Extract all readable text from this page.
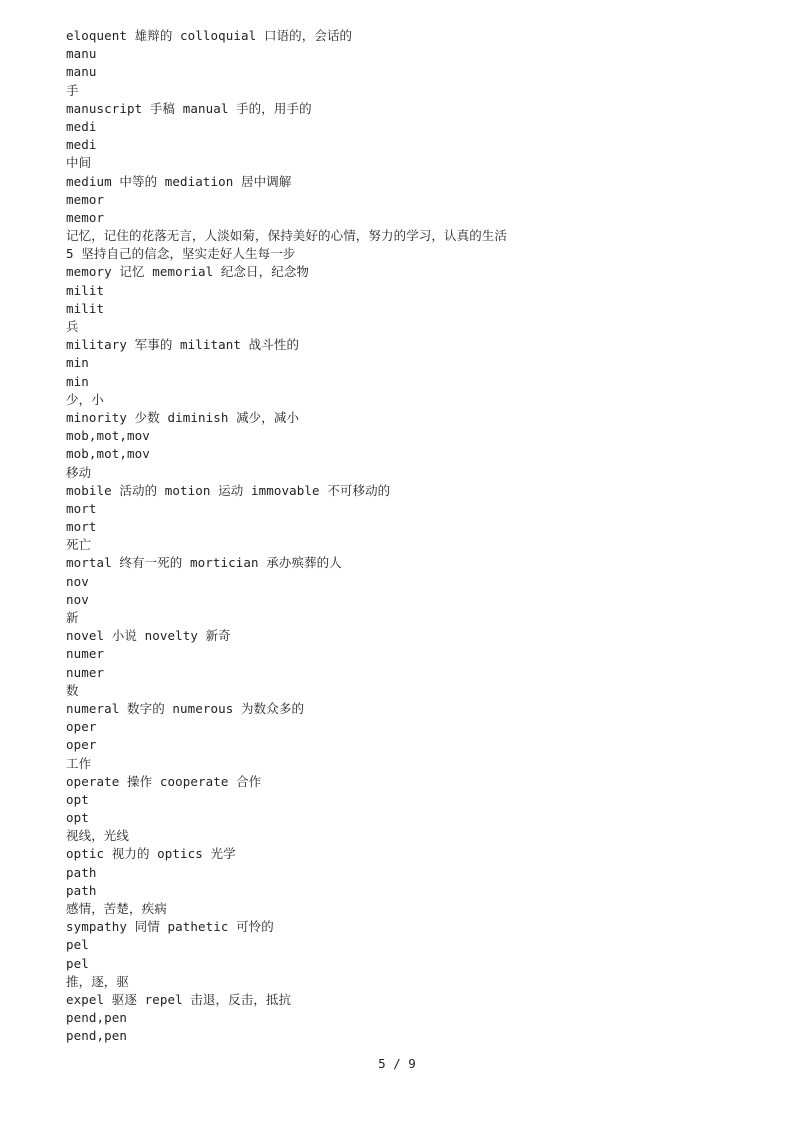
eloquent 雄辩的 colloquial 口语的，会话的
manu
manu
手
manuscript 手稿 manual 手的，用手的
medi
medi
中间
medium 中等的 mediation 居中调解
memor
memor
记忆，记住的花落无言，人淡如菊，保持美好的心情，努力的学习，认真的生活
5 坚持自己的信念，坚实走好人生每一步
memory 记忆 memorial 纪念日，纪念物
milit
milit
兵
military 军事的 militant 战斗性的
min
min
少，小
minority 少数 diminish 减少，减小
mob,mot,mov
mob,mot,mov
移动
mobile 活动的 motion 运动 immovable 不可移动的
mort
mort
死亡
mortal 终有一死的 mortician 承办殡葬的人
nov
nov
新
novel 小说 novelty 新奇
numer
numer
数
numeral 数字的 numerous 为数众多的
oper
oper
工作
operate 操作 cooperate 合作
opt
opt
视线，光线
optic 视力的 optics 光学
path
path
感情，苦楚，疾病
sympathy 同情 pathetic 可怜的
pel
pel
推，逐，驱
expel 驱逐 repel 击退，反击，抵抗
pend,pen
pend,pen
5 / 9
